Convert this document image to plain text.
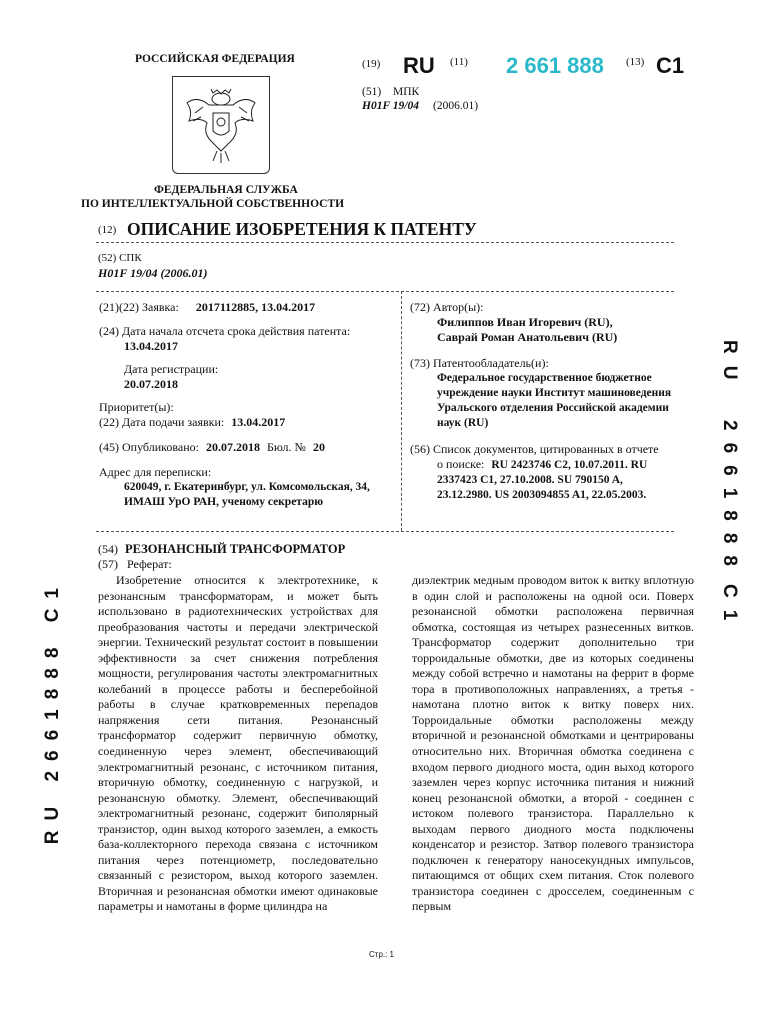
РОССИЙСКАЯ ФЕДЕРАЦИЯ
ФЕДЕРАЛЬНАЯ СЛУЖБА
ПО ИНТЕЛЛЕКТУАЛЬНОЙ СОБСТВЕННОСТИ
(19) RU (11) 2 661 888 (13) C1
(51) МПК
H01F 19/04 (2006.01)
(12) ОПИСАНИЕ ИЗОБРЕТЕНИЯ К ПАТЕНТУ
(52) СПК
H01F 19/04 (2006.01)
(21)(22) Заявка: 2017112885, 13.04.2017
(24) Дата начала отсчета срока действия патента:
13.04.2017
Дата регистрации:
20.07.2018
Приоритет(ы):
(22) Дата подачи заявки: 13.04.2017
(45) Опубликовано: 20.07.2018 Бюл. № 20
Адрес для переписки:
620049, г. Екатеринбург, ул. Комсомольская, 34,
ИМАШ УрО РАН, ученому секретарю
(72) Автор(ы):
Филиппов Иван Игоревич (RU),
Саврай Роман Анатольевич (RU)
(73) Патентообладатель(и):
Федеральное государственное бюджетное
учреждение науки Институт машиноведения
Уральского отделения Российской академии
наук (RU)
(56) Список документов, цитированных в отчете
о поиске: RU 2423746 C2, 10.07.2011. RU
2337423 C1, 27.10.2008. SU 790150 A,
23.12.2980. US 2003094855 A1, 22.05.2003.
(54) РЕЗОНАНСНЫЙ ТРАНСФОРМАТОР
(57) Реферат:

Изобретение относится к электротехнике, к резонансным трансформаторам, и может быть использовано в радиотехнических устройствах для преобразования частоты и передачи электрической энергии. Технический результат состоит в повышении эффективности за счет снижения потребления мощности, регулирования частоты электромагнитных колебаний в процессе работы и бесперебойной работы в случае кратковременных перепадов напряжения сети питания. Резонансный трансформатор содержит первичную обмотку, соединенную через элемент, обеспечивающий электромагнитный резонанс, с источником питания, вторичную обмотку, соединенную с нагрузкой, и резонансную обмотку. Элемент, обеспечивающий электромагнитный резонанс, содержит биполярный транзистор, один выход которого заземлен, а емкость база-коллекторного перехода связана с источником питания через потенциометр, последовательно связанный с резистором, выход которого заземлен. Вторичная и резонансная обмотки имеют одинаковые параметры и намотаны в форме цилиндра на

диэлектрик медным проводом виток к витку вплотную в один слой и расположены на одной оси. Поверх резонансной обмотки расположена первичная обмотка, состоящая из четырех разнесенных витков. Трансформатор содержит дополнительно три торроидальные обмотки, две из которых соединены между собой встречно и намотаны на феррит в форме тора в противоположных направлениях, а третья - намотана плотно виток к витку поверх них. Торроидальные обмотки расположены между вторичной и резонансной обмотками и центрированы относительно них. Вторичная обмотка соединена с входом первого диодного моста, один выход которого заземлен через корпус источника питания и нижний конец резонансной обмотки, а второй - соединен с истоком полевого транзистора. Параллельно к выходам первого диодного моста подключены конденсатор и резистор. Затвор полевого транзистора подключен к генератору наносекундных импульсов, питающимся от общих схем питания. Сток полевого транзистора соединен с дросселем, соединенным с первым

Стр.: 1
RU
2661888
C1
RU 2661888 C1
